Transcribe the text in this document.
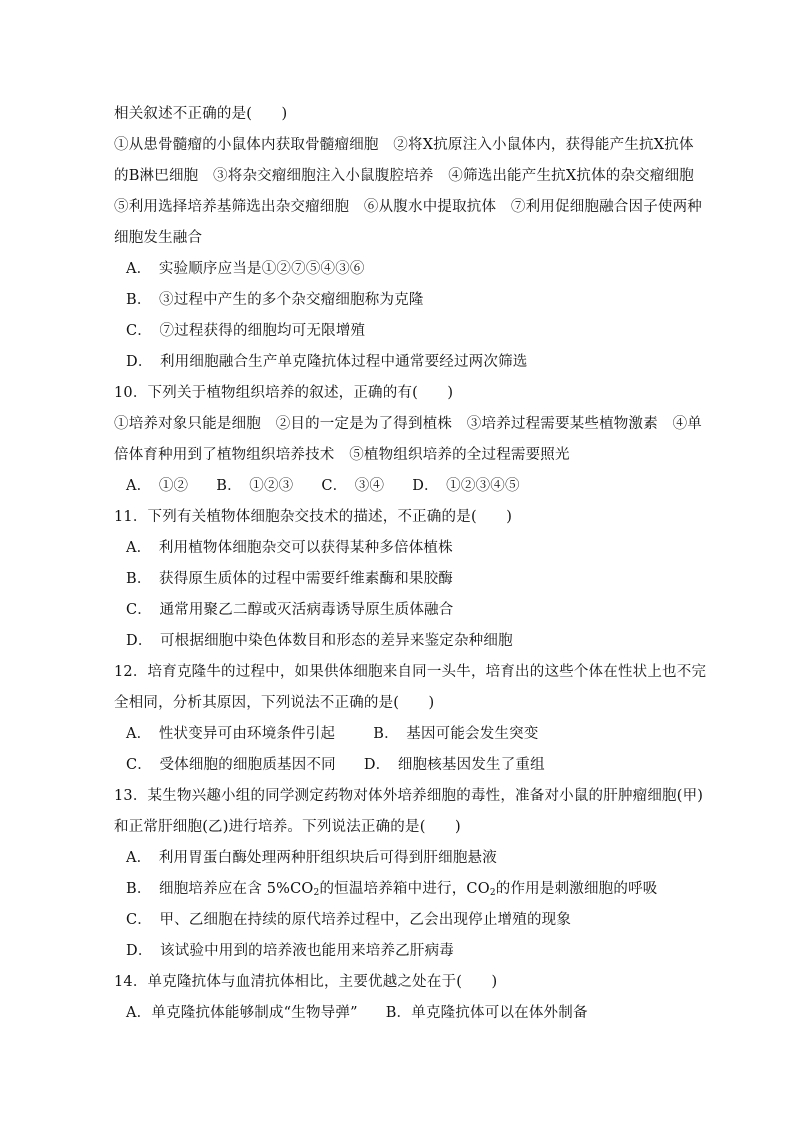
相关叙述不正确的是(　　)
①从患骨髓瘤的小鼠体内获取骨髓瘤细胞　②将X抗原注入小鼠体内，获得能产生抗X抗体
的B淋巴细胞　③将杂交瘤细胞注入小鼠腹腔培养　④筛选出能产生抗X抗体的杂交瘤细胞
⑤利用选择培养基筛选出杂交瘤细胞　⑥从腹水中提取抗体　⑦利用促细胞融合因子使两种
细胞发生融合
A．　实验顺序应当是①②⑦⑤④③⑥
B．　③过程中产生的多个杂交瘤细胞称为克隆
C．　⑦过程获得的细胞均可无限增殖
D．　利用细胞融合生产单克隆抗体过程中通常要经过两次筛选
10．下列关于植物组织培养的叙述，正确的有(　　)
①培养对象只能是细胞　②目的一定是为了得到植株　③培养过程需要某些植物激素　④单
倍体育种用到了植物组织培养技术　⑤植物组织培养的全过程需要照光
A．　①② B．　①②③ C．　③④ D．　①②③④⑤
11．下列有关植物体细胞杂交技术的描述，不正确的是(　　)
A．　利用植物体细胞杂交可以获得某种多倍体植株
B．　获得原生质体的过程中需要纤维素酶和果胶酶
C．　通常用聚乙二醇或灭活病毒诱导原生质体融合
D．　可根据细胞中染色体数目和形态的差异来鉴定杂种细胞
12．培育克隆牛的过程中，如果供体细胞来自同一头牛，培育出的这些个体在性状上也不完
全相同，分析其原因，下列说法不正确的是(　　)
A．　性状变异可由环境条件引起	B．　基因可能会发生突变
C．　受体细胞的细胞质基因不同 D．　细胞核基因发生了重组
13．某生物兴趣小组的同学测定药物对体外培养细胞的毒性，准备对小鼠的肝肿瘤细胞(甲)
和正常肝细胞(乙)进行培养。下列说法正确的是(　　)
A．　利用胃蛋白酶处理两种肝组织块后可得到肝细胞悬液
B．　细胞培养应在含 $5\%CO_2$的恒温培养箱中进行，$CO_2$的作用是刺激细胞的呼吸
C．　甲、乙细胞在持续的原代培养过程中，乙会出现停止增殖的现象
D．　该试验中用到的培养液也能用来培养乙肝病毒
14．单克隆抗体与血清抗体相比，主要优越之处在于(　　)
A．单克隆抗体能够制成“生物导弹” B．单克隆抗体可以在体外制备
